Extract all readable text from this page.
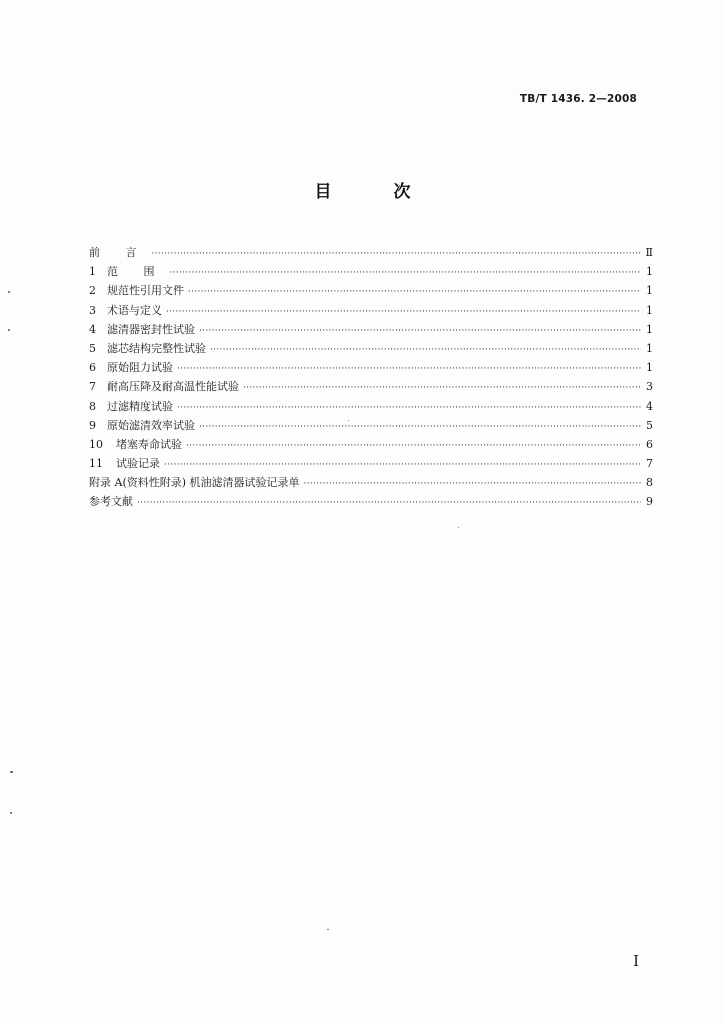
TB/T 1436. 2—2008
目 次
前 言 ·····	Ⅱ
1	范 围 ·····	1
2	规范性引用文件 ·····	1
3	术语与定义 ·····	1
4	滤清器密封性试验 ·····	1
5	滤芯结构完整性试验 ·····	1
6	原始阻力试验 ·····	1
7	耐高压降及耐高温性能试验 ·····	3
8	过滤精度试验 ·····	4
9	原始滤清效率试验 ·····	5
10	堵塞寿命试验 ·····	6
11	试验记录 ·····	7
附录 A(资料性附录) 机油滤清器试验记录单 ·····	8
参考文献 ·····	9
I
